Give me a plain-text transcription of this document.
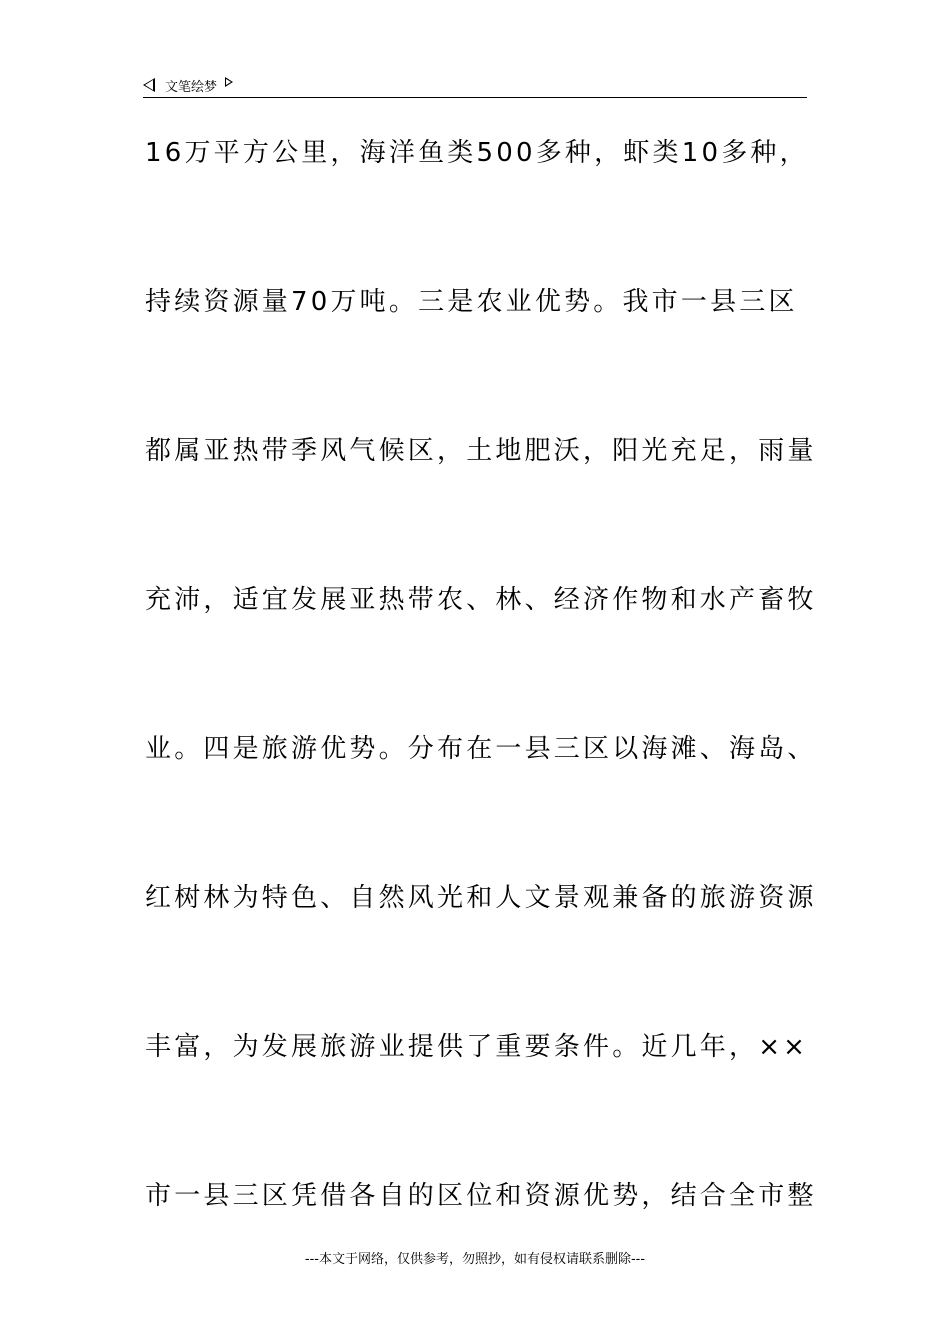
文笔绘梦
16万平方公里，海洋鱼类500多种，虾类10多种，
持续资源量70万吨。三是农业优势。我市一县三区
都属亚热带季风气候区，土地肥沃，阳光充足，雨量
充沛，适宜发展亚热带农、林、经济作物和水产畜牧
业。四是旅游优势。分布在一县三区以海滩、海岛、
红树林为特色、自然风光和人文景观兼备的旅游资源
丰富，为发展旅游业提供了重要条件。近几年，××
市一县三区凭借各自的区位和资源优势，结合全市整
---本文于网络，仅供参考，勿照抄，如有侵权请联系删除---
